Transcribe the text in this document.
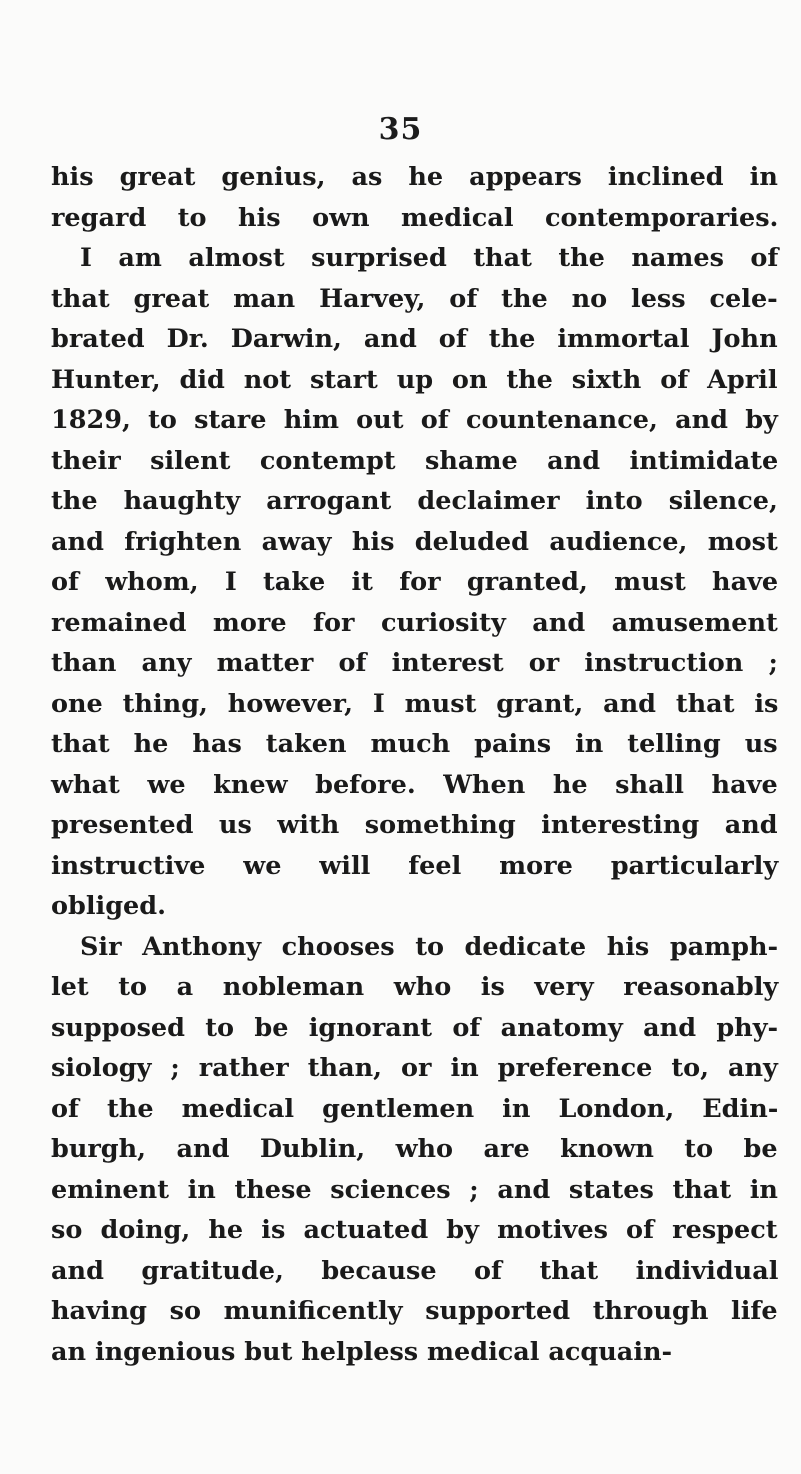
35
his great genius, as he appears inclined in
regard to his own medical contemporaries.
I am almost surprised that the names of
that great man Harvey, of the no less cele-
brated Dr. Darwin, and of the immortal John
Hunter, did not start up on the sixth of April
1829, to stare him out of countenance, and by
their silent contempt shame and intimidate
the haughty arrogant declaimer into silence,
and frighten away his deluded audience, most
of whom, I take it for granted, must have
remained more for curiosity and amusement
than any matter of interest or instruction ;
one thing, however, I must grant, and that is
that he has taken much pains in telling us
what we knew before. When he shall have
presented us with something interesting and
instructive we will feel more particularly
obliged.
Sir Anthony chooses to dedicate his pamph-
let to a nobleman who is very reasonably
supposed to be ignorant of anatomy and phy-
siology ; rather than, or in preference to, any
of the medical gentlemen in London, Edin-
burgh, and Dublin, who are known to be
eminent in these sciences ; and states that in
so doing, he is actuated by motives of respect
and gratitude, because of that individual
having so munificently supported through life
an ingenious but helpless medical acquain-
